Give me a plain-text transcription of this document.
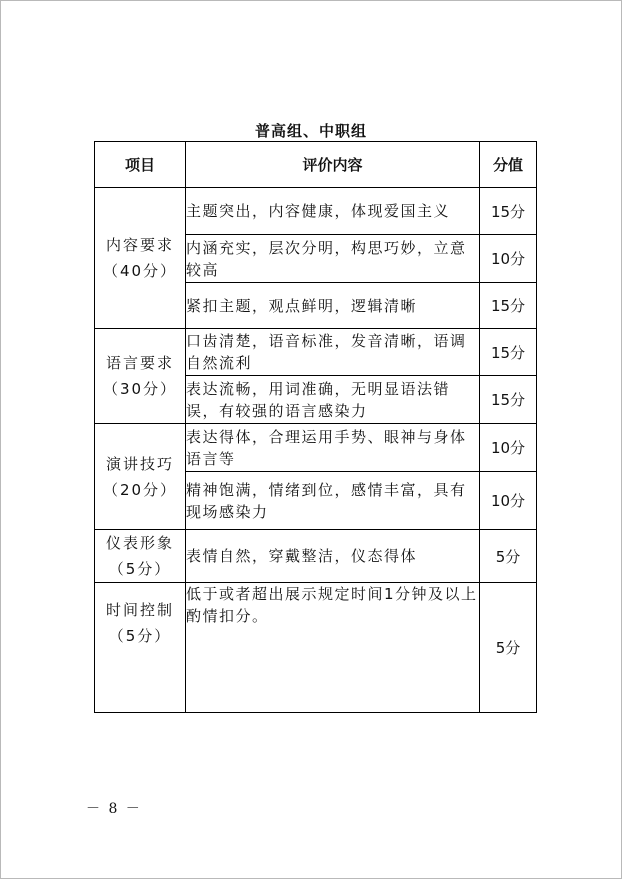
普高组、中职组
项目	评价内容	分值

内容要求
（40分）	主题突出，内容健康，体现爱国主义	15分
	内涵充实，层次分明，构思巧妙，立意较高	10分
	紧扣主题，观点鲜明，逻辑清晰	15分

语言要求
（30分）	口齿清楚，语音标准，发音清晰，语调自然流利	15分
	表达流畅，用词准确，无明显语法错误，有较强的语言感染力	15分

演讲技巧
（20分）	表达得体，合理运用手势、眼神与身体语言等	10分
	精神饱满，情绪到位，感情丰富，具有现场感染力	10分

仪表形象
（5分）	表情自然，穿戴整洁，仪态得体	5分

时间控制
（5分）	低于或者超出展示规定时间1分钟及以上酌情扣分。	5分
－ 8 －
